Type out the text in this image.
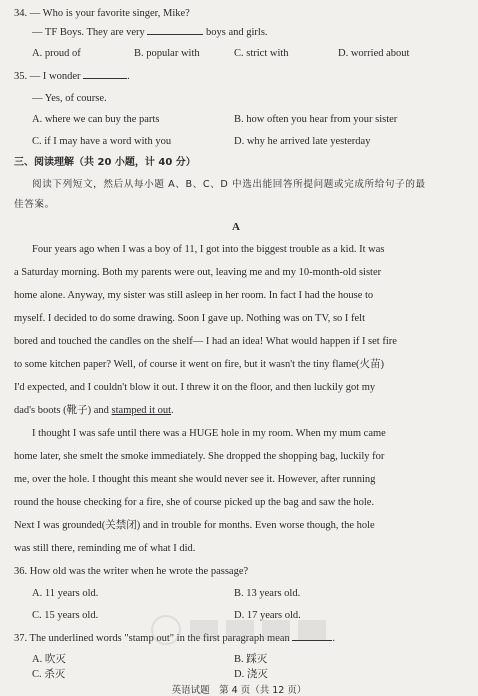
34. — Who is your favorite singer, Mike?
— TF Boys. They are very	boys and girls.
A. proud of	B. popular with	C. strict with	D. worried about
35. — I wonder	.
— Yes, of course.
A. where we can buy the parts	B. how often you hear from your sister
C. if I may have a word with you	D. why he arrived late yesterday
三、阅读理解（共 20 小题，计 40 分）
阅读下列短文，然后从每小题 A、B、C、D 中选出能回答所提问题或完成所给句子的最
佳答案。
A
Four years ago when I was a boy of 11, I got into the biggest trouble as a kid. It was
a Saturday morning. Both my parents were out, leaving me and my 10-month-old sister
home alone. Anyway, my sister was still asleep in her room. In fact I had the house to
myself. I decided to do some drawing. Soon I gave up. Nothing was on TV, so I felt
bored and touched the candles on the shelf— I had an idea! What would happen if I set fire
to some kitchen paper? Well, of course it went on fire, but it wasn't the tiny flame(火苗)
I'd expected, and I couldn't blow it out. I threw it on the floor, and then luckily got my
dad's boots (靴子) and stamped it out.
I thought I was safe until there was a HUGE hole in my room. When my mum came
home later, she smelt the smoke immediately. She dropped the shopping bag, luckily for
me, over the hole. I thought this meant she would never see it. However, after running
round the house checking for a fire, she of course picked up the bag and saw the hole.
Next I was grounded(关禁闭) and in trouble for months. Even worse though, the hole
was still there, reminding me of what I did.
36. How old was the writer when he wrote the passage?
A. 11 years old.	B. 13 years old.
C. 15 years old.	D. 17 years old.
37. The underlined words "stamp out" in the first paragraph mean	.
A. 吹灭	B. 踩灭
英语试题　第 4 页（共 12 页）
C. 杀灭	D. 浇灭
